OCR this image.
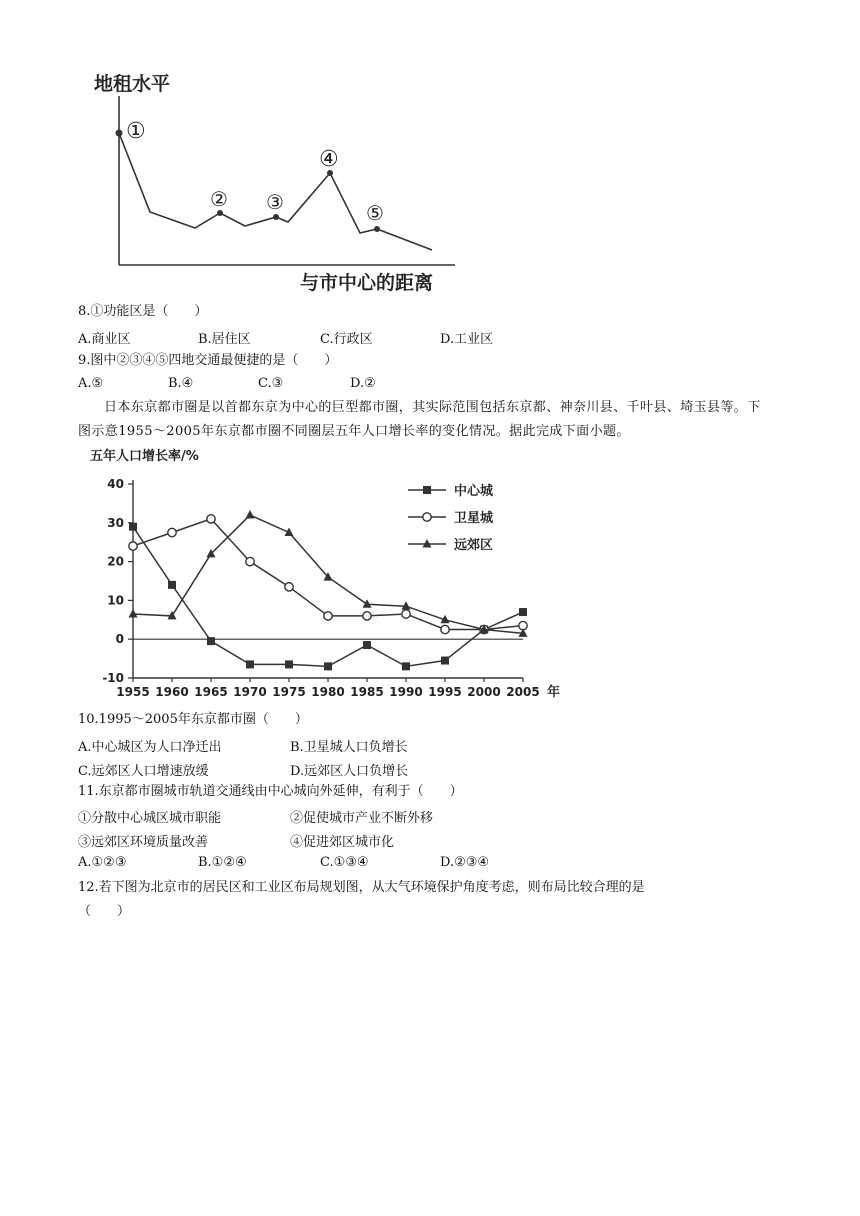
地租水平
①
② ③
④
⑤
与市中心的距离
8.①功能区是（　　）
A.商业区	B.居住区	C.行政区	D.工业区
9.图中②③④⑤四地交通最便捷的是（　　）
A.⑤	B.④	C.③	D.②
日本东京都市圈是以首都东京为中心的巨型都市圈，其实际范围包括东京都、神奈川县、千叶县、埼玉县等。下图示意1955～2005年东京都市圈不同圈层五年人口增长率的变化情况。据此完成下面小题。
五年人口增长率/%
40
30
20
10
0
-10
1955 1960 1965 1970 1975 1980 1985 1990 1995 2000 2005 年
中心城
卫星城
远郊区
10.1995～2005年东京都市圈（　　）
A.中心城区为人口净迁出	B.卫星城人口负增长
C.远郊区人口增速放缓	D.远郊区人口负增长
11.东京都市圈城市轨道交通线由中心城向外延伸，有利于（　　）
①分散中心城区城市职能	②促使城市产业不断外移
③远郊区环境质量改善	④促进郊区城市化
A.①②③	B.①②④	C.①③④	D.②③④
12.若下图为北京市的居民区和工业区布局规划图，从大气环境保护角度考虑，则布局比较合理的是
（　　）
